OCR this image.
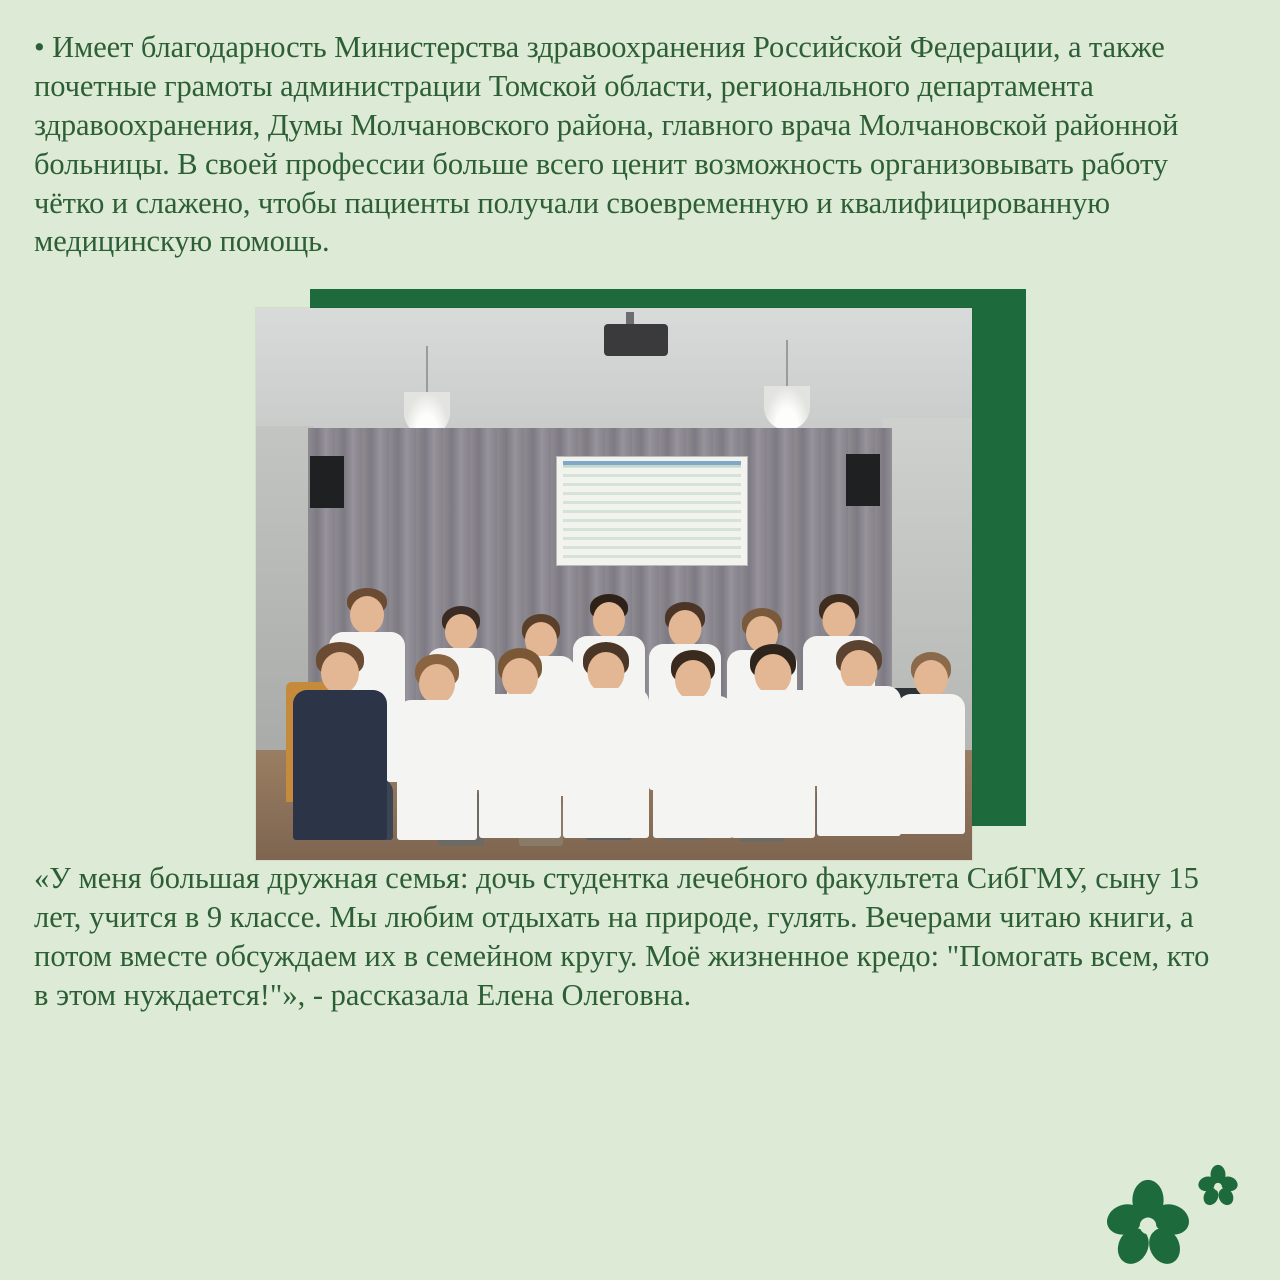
• Имеет благодарность Министерства здравоохранения Российской Федерации, а также почетные грамоты администрации Томской области, регионального департамента здравоохранения, Думы Молчановского района, главного врача Молчановской районной больницы. В своей профессии больше всего ценит возможность организовывать работу чётко и слажено, чтобы пациенты получали своевременную и квалифицированную медицинскую помощь.

«У меня большая дружная семья: дочь студентка лечебного факультета СибГМУ, сыну 15 лет, учится в 9 классе. Мы любим отдыхать на природе, гулять. Вечерами читаю книги, а потом вместе обсуждаем их в семейном кругу. Моё жизненное кредо: "Помогать всем, кто в этом нуждается!"», - рассказала Елена Олеговна.
